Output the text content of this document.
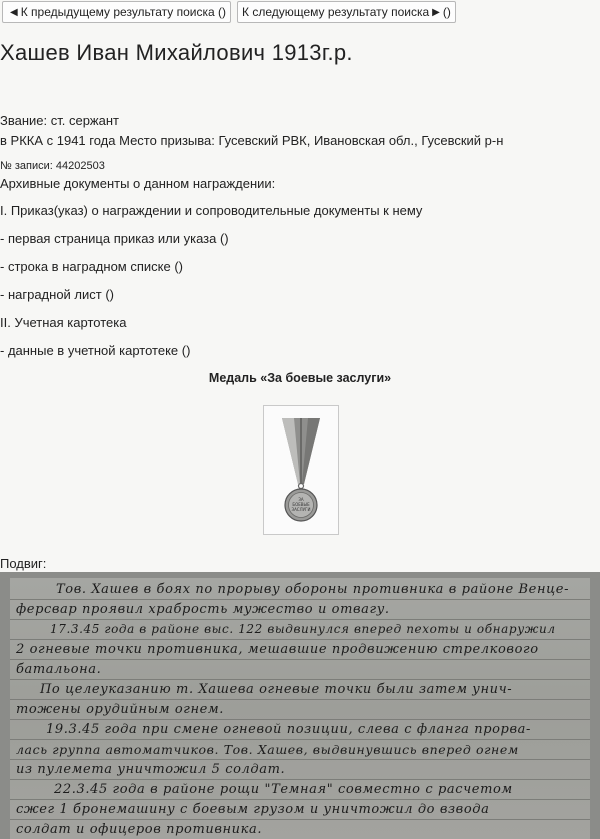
◀ К предыдущему результату поиска () К следующему результату поиска ▶ ()
Хашев Иван Михайлович 1913г.р.
Звание: ст. сержант
в РККА с 1941 года Место призыва: Гусевский РВК, Ивановская обл., Гусевский р-н
№ записи: 44202503
Архивные документы о данном награждении:
I. Приказ(указ) о награждении и сопроводительные документы к нему
- первая страница приказ или указа ()
- строка в наградном списке ()
- наградной лист ()
II. Учетная картотека
- данные в учетной картотеке ()
Медаль «За боевые заслуги»
ЗА
БОЕВЫЕ
ЗАСЛУГИ
Подвиг:
Тов. Хашев в боях по прорыву обороны противника в районе Венце-
ферсвар проявил храбрость мужество и отвагу.
17.3.45 года в районе выс. 122 выдвинулся вперед пехоты и обнаружил
2 огневые точки противника, мешавшие продвижению стрелкового
батальона.
По целеуказанию т. Хашева огневые точки были затем унич-
тожены орудийным огнем.
19.3.45 года при смене огневой позиции, слева с фланга прорва-
лась группа автоматчиков. Тов. Хашев, выдвинувшись вперед огнем
из пулемета уничтожил 5 солдат.
22.3.45 года в районе рощи "Темная" совместно с расчетом
сжег 1 бронемашину с боевым грузом и уничтожил до взвода
солдат и офицеров противника.
